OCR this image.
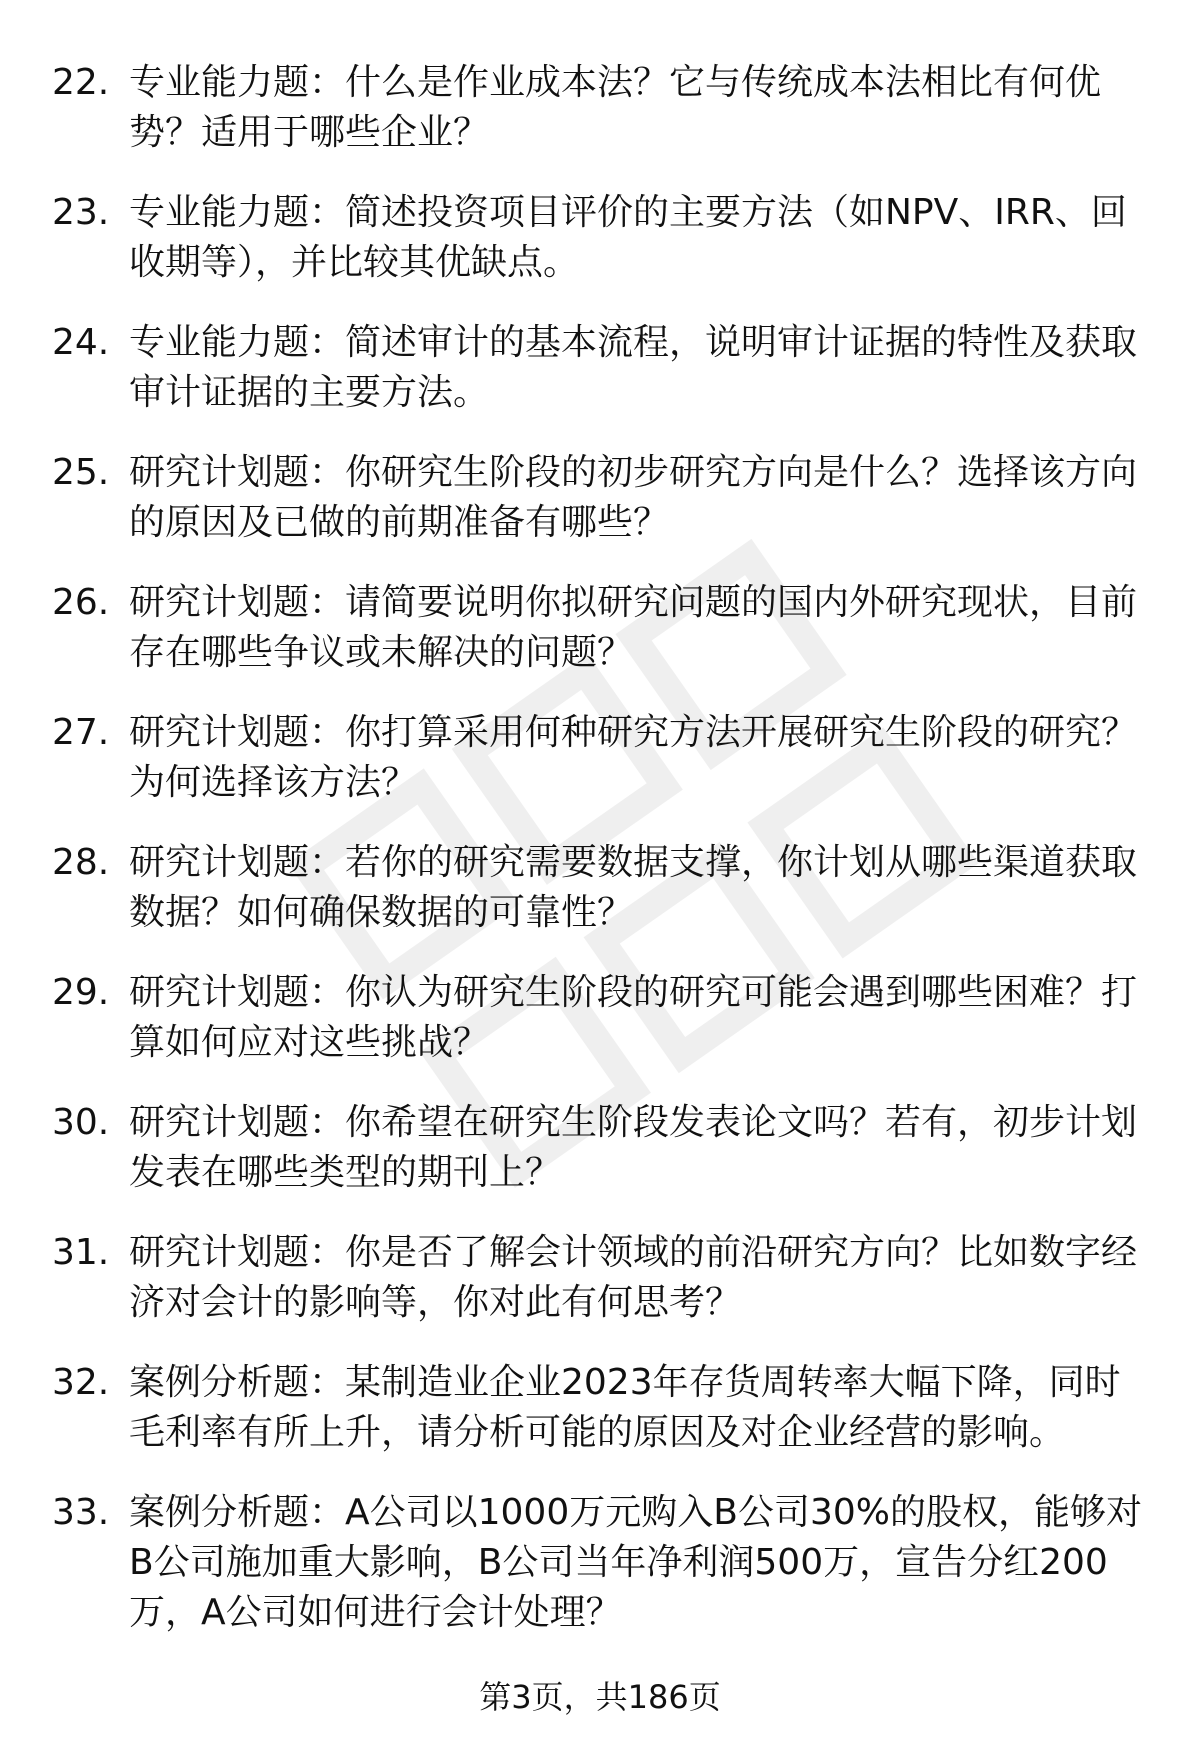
22. 专业能力题：什么是作业成本法？它与传统成本法相比有何优势？适用于哪些企业？
23. 专业能力题：简述投资项目评价的主要方法（如NPV、IRR、回收期等），并比较其优缺点。
24. 专业能力题：简述审计的基本流程，说明审计证据的特性及获取审计证据的主要方法。
25. 研究计划题：你研究生阶段的初步研究方向是什么？选择该方向的原因及已做的前期准备有哪些？
26. 研究计划题：请简要说明你拟研究问题的国内外研究现状，目前存在哪些争议或未解决的问题？
27. 研究计划题：你打算采用何种研究方法开展研究生阶段的研究？为何选择该方法？
28. 研究计划题：若你的研究需要数据支撑，你计划从哪些渠道获取数据？如何确保数据的可靠性？
29. 研究计划题：你认为研究生阶段的研究可能会遇到哪些困难？打算如何应对这些挑战？
30. 研究计划题：你希望在研究生阶段发表论文吗？若有，初步计划发表在哪些类型的期刊上？
31. 研究计划题：你是否了解会计领域的前沿研究方向？比如数字经济对会计的影响等，你对此有何思考？
32. 案例分析题：某制造业企业2023年存货周转率大幅下降，同时毛利率有所上升，请分析可能的原因及对企业经营的影响。
33. 案例分析题：A公司以1000万元购入B公司30%的股权，能够对B公司施加重大影响，B公司当年净利润500万，宣告分红200万，A公司如何进行会计处理？
第3页，共186页
